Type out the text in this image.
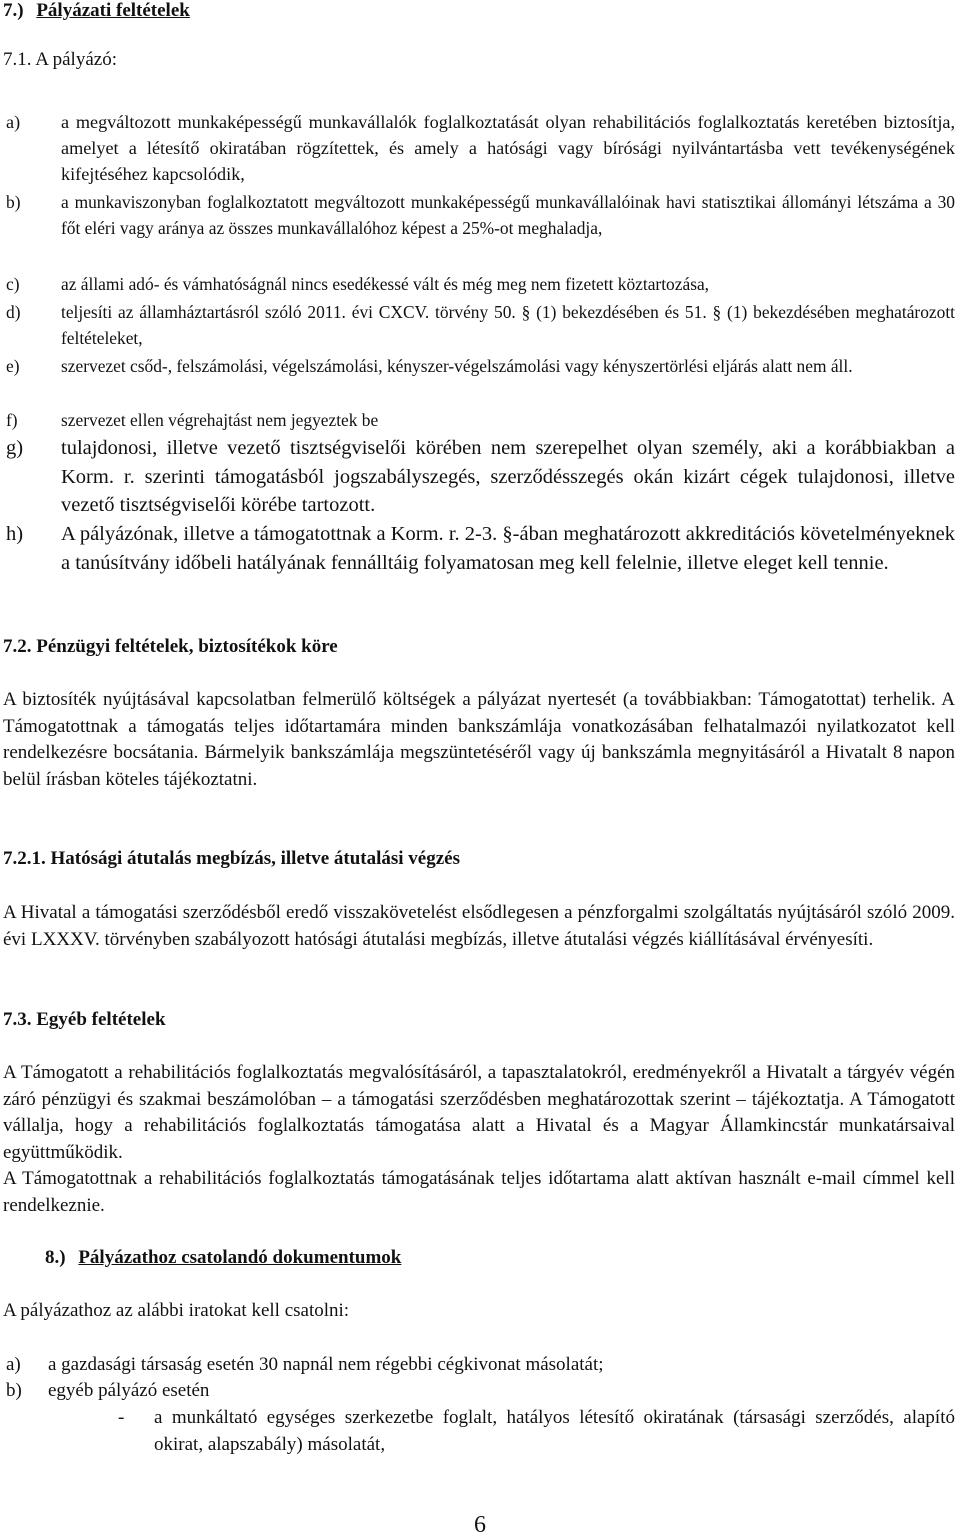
7.) Pályázati feltételek
7.1. A pályázó:
a)	a megváltozott munkaképességű munkavállalók foglalkoztatását olyan rehabilitációs foglalkoztatás keretében biztosítja, amelyet a létesítő okiratában rögzítettek, és amely a hatósági vagy bírósági nyilvántartásba vett tevékenységének kifejtéséhez kapcsolódik,

b)	a munkaviszonyban foglalkoztatott megváltozott munkaképességű munkavállalóinak havi statisztikai állományi létszáma a 30 főt eléri vagy aránya az összes munkavállalóhoz képest a 25%-ot meghaladja,

c)	az állami adó- és vámhatóságnál nincs esedékessé vált és még meg nem fizetett köztartozása,

d)	teljesíti az államháztartásról szóló 2011. évi CXCV. törvény 50. § (1) bekezdésében és 51. § (1) bekezdésében meghatározott feltételeket,

e)	szervezet csőd-, felszámolási, végelszámolási, kényszer-végelszámolási vagy kényszertörlési eljárás alatt nem áll.

f)	szervezet ellen végrehajtást nem jegyeztek be

g)	tulajdonosi, illetve vezető tisztségviselői körében nem szerepelhet olyan személy, aki a korábbiakban a Korm. r. szerinti támogatásból jogszabályszegés, szerződésszegés okán kizárt cégek tulajdonosi, illetve vezető tisztségviselői körébe tartozott.

h)	A pályázónak, illetve a támogatottnak a Korm. r. 2-3. §-ában meghatározott akkreditációs követelményeknek a tanúsítvány időbeli hatályának fennálltáig folyamatosan meg kell felelnie, illetve eleget kell tennie.

7.2. Pénzügyi feltételek, biztosítékok köre

A biztosíték nyújtásával kapcsolatban felmerülő költségek a pályázat nyertesét (a továbbiakban: Támogatottat) terhelik. A Támogatottnak a támogatás teljes időtartamára minden bankszámlája vonatkozásában felhatalmazói nyilatkozatot kell rendelkezésre bocsátania. Bármelyik bankszámlája megszüntetéséről vagy új bankszámla megnyitásáról a Hivatalt 8 napon belül írásban köteles tájékoztatni.

7.2.1. Hatósági átutalás megbízás, illetve átutalási végzés

A Hivatal a támogatási szerződésből eredő visszakövetelést elsődlegesen a pénzforgalmi szolgáltatás nyújtásáról szóló 2009. évi LXXXV. törvényben szabályozott hatósági átutalási megbízás, illetve átutalási végzés kiállításával érvényesíti.

7.3. Egyéb feltételek

A Támogatott a rehabilitációs foglalkoztatás megvalósításáról, a tapasztalatokról, eredményekről a Hivatalt a tárgyév végén záró pénzügyi és szakmai beszámolóban – a támogatási szerződésben meghatározottak szerint – tájékoztatja. A Támogatott vállalja, hogy a rehabilitációs foglalkoztatás támogatása alatt a Hivatal és a Magyar Államkincstár munkatársaival együttműködik.

A Támogatottnak a rehabilitációs foglalkoztatás támogatásának teljes időtartama alatt aktívan használt e-mail címmel kell rendelkeznie.

8.) Pályázathoz csatolandó dokumentumok

A pályázathoz az alábbi iratokat kell csatolni:

a)	a gazdasági társaság esetén 30 napnál nem régebbi cégkivonat másolatát;

b)	egyéb pályázó esetén

-	a munkáltató egységes szerkezetbe foglalt, hatályos létesítő okiratának (társasági szerződés, alapító okirat, alapszabály) másolatát,

6
